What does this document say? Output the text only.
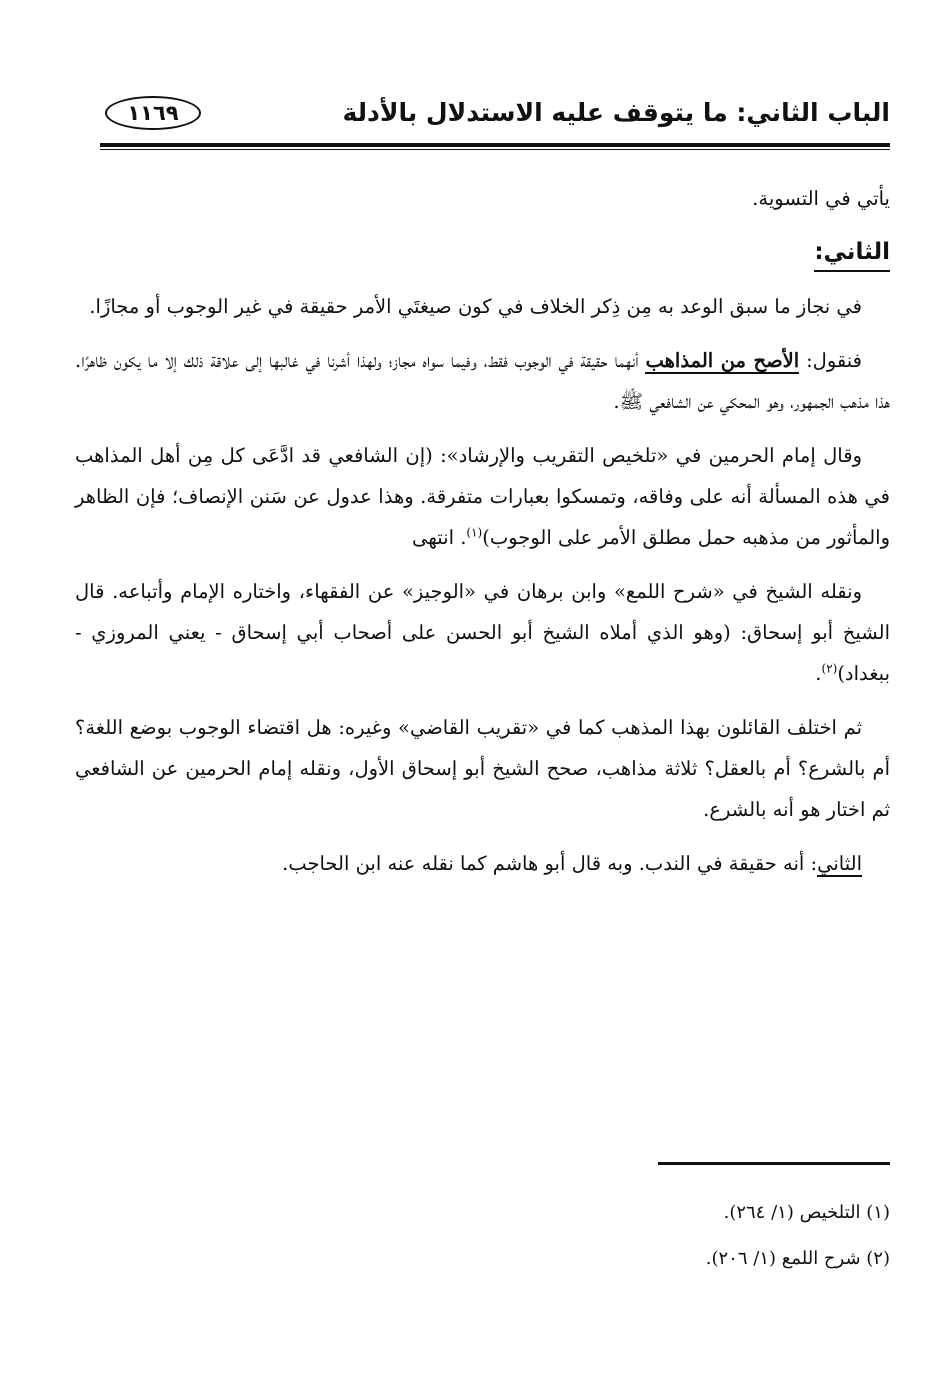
الباب الثاني: ما يتوقف عليه الاستدلال بالأدلة
١١٦٩

يأتي في التسوية.

الثاني:

في نجاز ما سبق الوعد به مِن ذِكر الخلاف في كون صيغتَي الأمر حقيقة في غير الوجوب أو مجازًا.

فنقول: الأصح من المذاهب أنهما حقيقة في الوجوب فقط، وفيما سواه مجاز؛ ولهذا أشرنا في غالبها إلى علاقة ذلك إلا ما يكون ظاهرًا. هذا مذهب الجمهور، وهو المحكي عن الشافعي ﷺ.

وقال إمام الحرمين في «تلخيص التقريب والإرشاد»: (إن الشافعي قد ادَّعَى كل مِن أهل المذاهب في هذه المسألة أنه على وفاقه، وتمسكوا بعبارات متفرقة. وهذا عدول عن سَنن الإنصاف؛ فإن الظاهر والمأثور من مذهبه حمل مطلق الأمر على الوجوب)$^{(١)}$. انتهى

ونقله الشيخ في «شرح اللمع» وابن برهان في «الوجيز» عن الفقهاء، واختاره الإمام وأتباعه. قال الشيخ أبو إسحاق: (وهو الذي أملاه الشيخ أبو الحسن على أصحاب أبي إسحاق - يعني المروزي - ببغداد)$^{(٢)}$.

ثم اختلف القائلون بهذا المذهب كما في «تقريب القاضي» وغيره: هل اقتضاء الوجوب بوضع اللغة؟ أم بالشرع؟ أم بالعقل؟ ثلاثة مذاهب، صحح الشيخ أبو إسحاق الأول، ونقله إمام الحرمين عن الشافعي ثم اختار هو أنه بالشرع.

الثاني: أنه حقيقة في الندب. وبه قال أبو هاشم كما نقله عنه ابن الحاجب.

(١) التلخيص (١/ ٢٦٤).

(٢) شرح اللمع (١/ ٢٠٦).
